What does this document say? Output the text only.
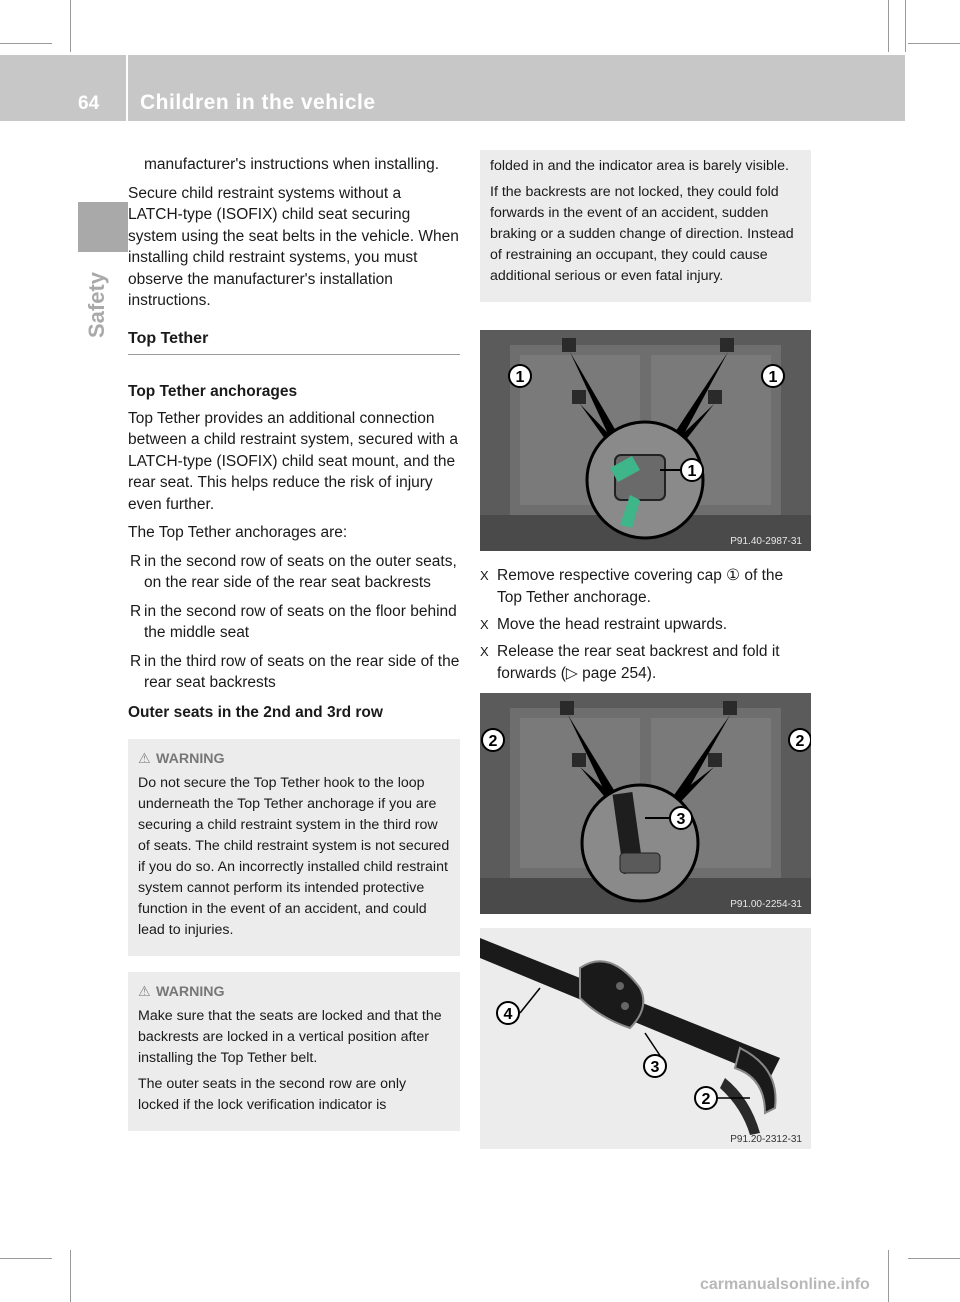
64 Children in the vehicle
Safety

manufacturer's instructions when installing.

Secure child restraint systems without a LATCH-type (ISOFIX) child seat securing system using the seat belts in the vehicle. When installing child restraint systems, you must observe the manufacturer's installation instructions.

Top Tether
Top Tether anchorages

Top Tether provides an additional connection between a child restraint system, secured with a LATCH-type (ISOFIX) child seat mount, and the rear seat. This helps reduce the risk of injury even further.

The Top Tether anchorages are:

R in the second row of seats on the outer seats, on the rear side of the rear seat backrests
R in the second row of seats on the floor behind the middle seat
R in the third row of seats on the rear side of the rear seat backrests
Outer seats in the 2nd and 3rd row
⚠ WARNING

Do not secure the Top Tether hook to the loop underneath the Top Tether anchorage if you are securing a child restraint system in the third row of seats. The child restraint system is not secured if you do so. An incorrectly installed child restraint system cannot perform its intended protective function in the event of an accident, and could lead to injuries.

⚠ WARNING

Make sure that the seats are locked and that the backrests are locked in a vertical position after installing the Top Tether belt.

The outer seats in the second row are only locked if the lock verification indicator is

folded in and the indicator area is barely visible.

If the backrests are not locked, they could fold forwards in the event of an accident, sudden braking or a sudden change of direction. Instead of restraining an occupant, they could cause additional serious or even fatal injury.

1	1
1
P91.40-2987-31
X Remove respective covering cap ① of the Top Tether anchorage.
X Move the head restraint upwards.
X Release the rear seat backrest and fold it forwards (▷ page 254).
2	2
3
P91.00-2254-31
4
3
2
P91.20-2312-31
carmanualsonline.info
